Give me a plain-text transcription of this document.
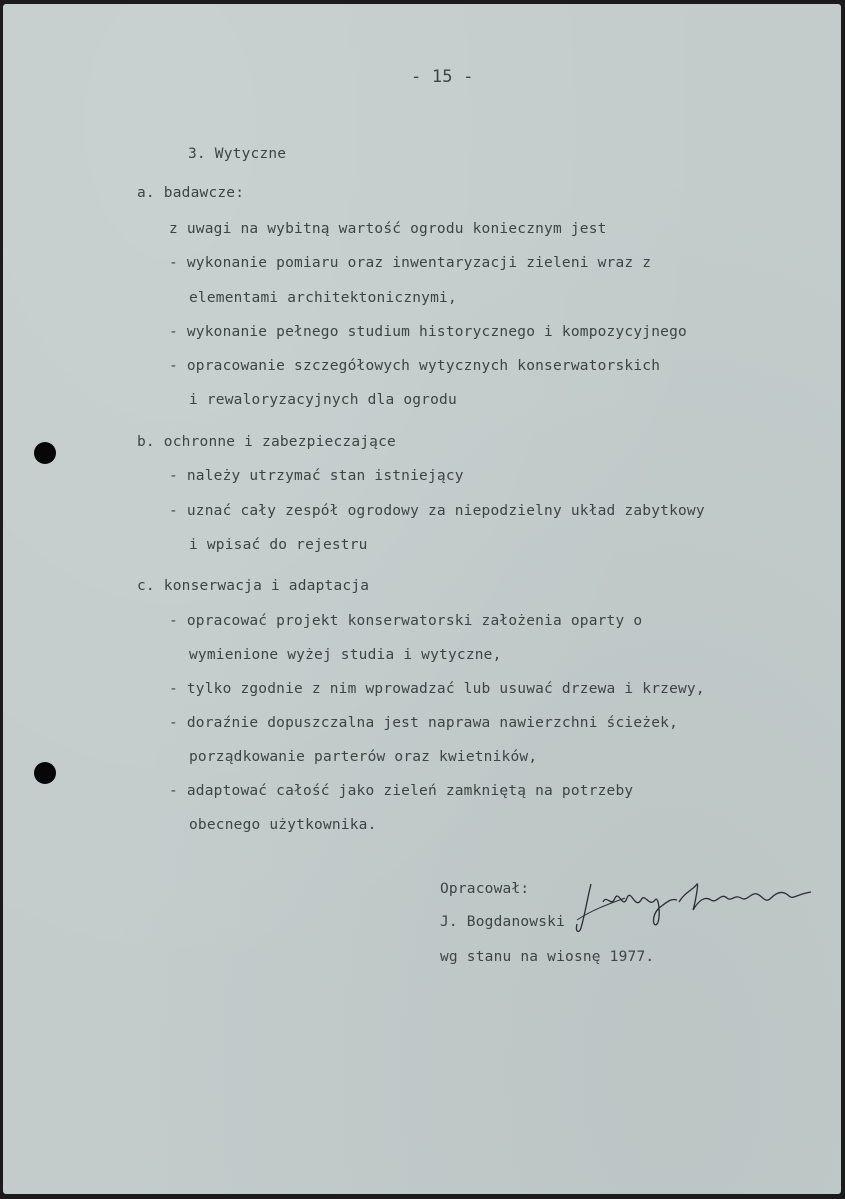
- 15 -
3. Wytyczne
a. badawcze:
z uwagi na wybitną wartość ogrodu koniecznym jest
- wykonanie pomiaru oraz inwentaryzacji zieleni wraz z
elementami architektonicznymi,
- wykonanie pełnego studium historycznego i kompozycyjnego
- opracowanie szczegółowych wytycznych konserwatorskich
i rewaloryzacyjnych dla ogrodu
b. ochronne i zabezpieczające
- należy utrzymać stan istniejący
- uznać cały zespół ogrodowy za niepodzielny układ zabytkowy
i wpisać do rejestru
c. konserwacja i adaptacja
- opracować projekt konserwatorski założenia oparty o
wymienione wyżej studia i wytyczne,
- tylko zgodnie z nim wprowadzać lub usuwać drzewa i krzewy,
- doraźnie dopuszczalna jest naprawa nawierzchni ścieżek,
porządkowanie parterów oraz kwietników,
- adaptować całość jako zieleń zamkniętą na potrzeby
obecnego użytkownika.
Opracował:
J. Bogdanowski
wg stanu na wiosnę 1977.
